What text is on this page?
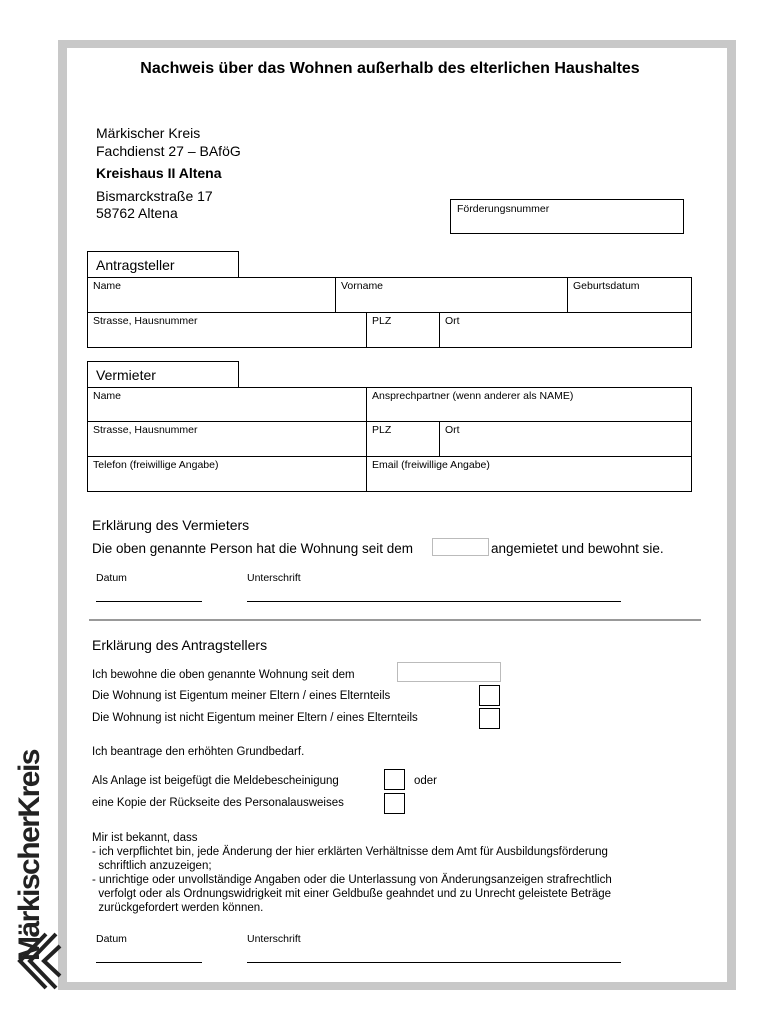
Nachweis über das Wohnen außerhalb des elterlichen Haushaltes
Märkischer Kreis
Fachdienst 27 – BAföG
Kreishaus II Altena
Bismarckstraße 17
58762 Altena	Förderungsnummer
Antragsteller
Name	Vorname	Geburtsdatum
Strasse, Hausnummer	PLZ	Ort
Vermieter
Name	Ansprechpartner (wenn anderer als NAME)
Strasse, Hausnummer	PLZ	Ort
Telefon (freiwillige Angabe)	Email (freiwillige Angabe)
Erklärung des Vermieters
Die oben genannte Person hat die Wohnung seit dem	angemietet und bewohnt sie.
Datum	Unterschrift
Erklärung des Antragstellers
Ich bewohne die oben genannte Wohnung seit dem
Die Wohnung ist Eigentum meiner Eltern / eines Elternteils
Die Wohnung ist nicht Eigentum meiner Eltern / eines Elternteils
Ich beantrage den erhöhten Grundbedarf.
Als Anlage ist beigefügt die Meldebescheinigung	oder
eine Kopie der Rückseite des Personalausweises
Mir ist bekannt, dass
- ich verpflichtet bin, jede Änderung der hier erklärten Verhältnisse dem Amt für Ausbildungsförderung
schriftlich anzuzeigen;
- unrichtige oder unvollständige Angaben oder die Unterlassung von Änderungsanzeigen strafrechtlich
verfolgt oder als Ordnungswidrigkeit mit einer Geldbuße geahndet und zu Unrecht geleistete Beträge
zurückgefordert werden können.
Datum	Unterschrift
MärkischerKreis
